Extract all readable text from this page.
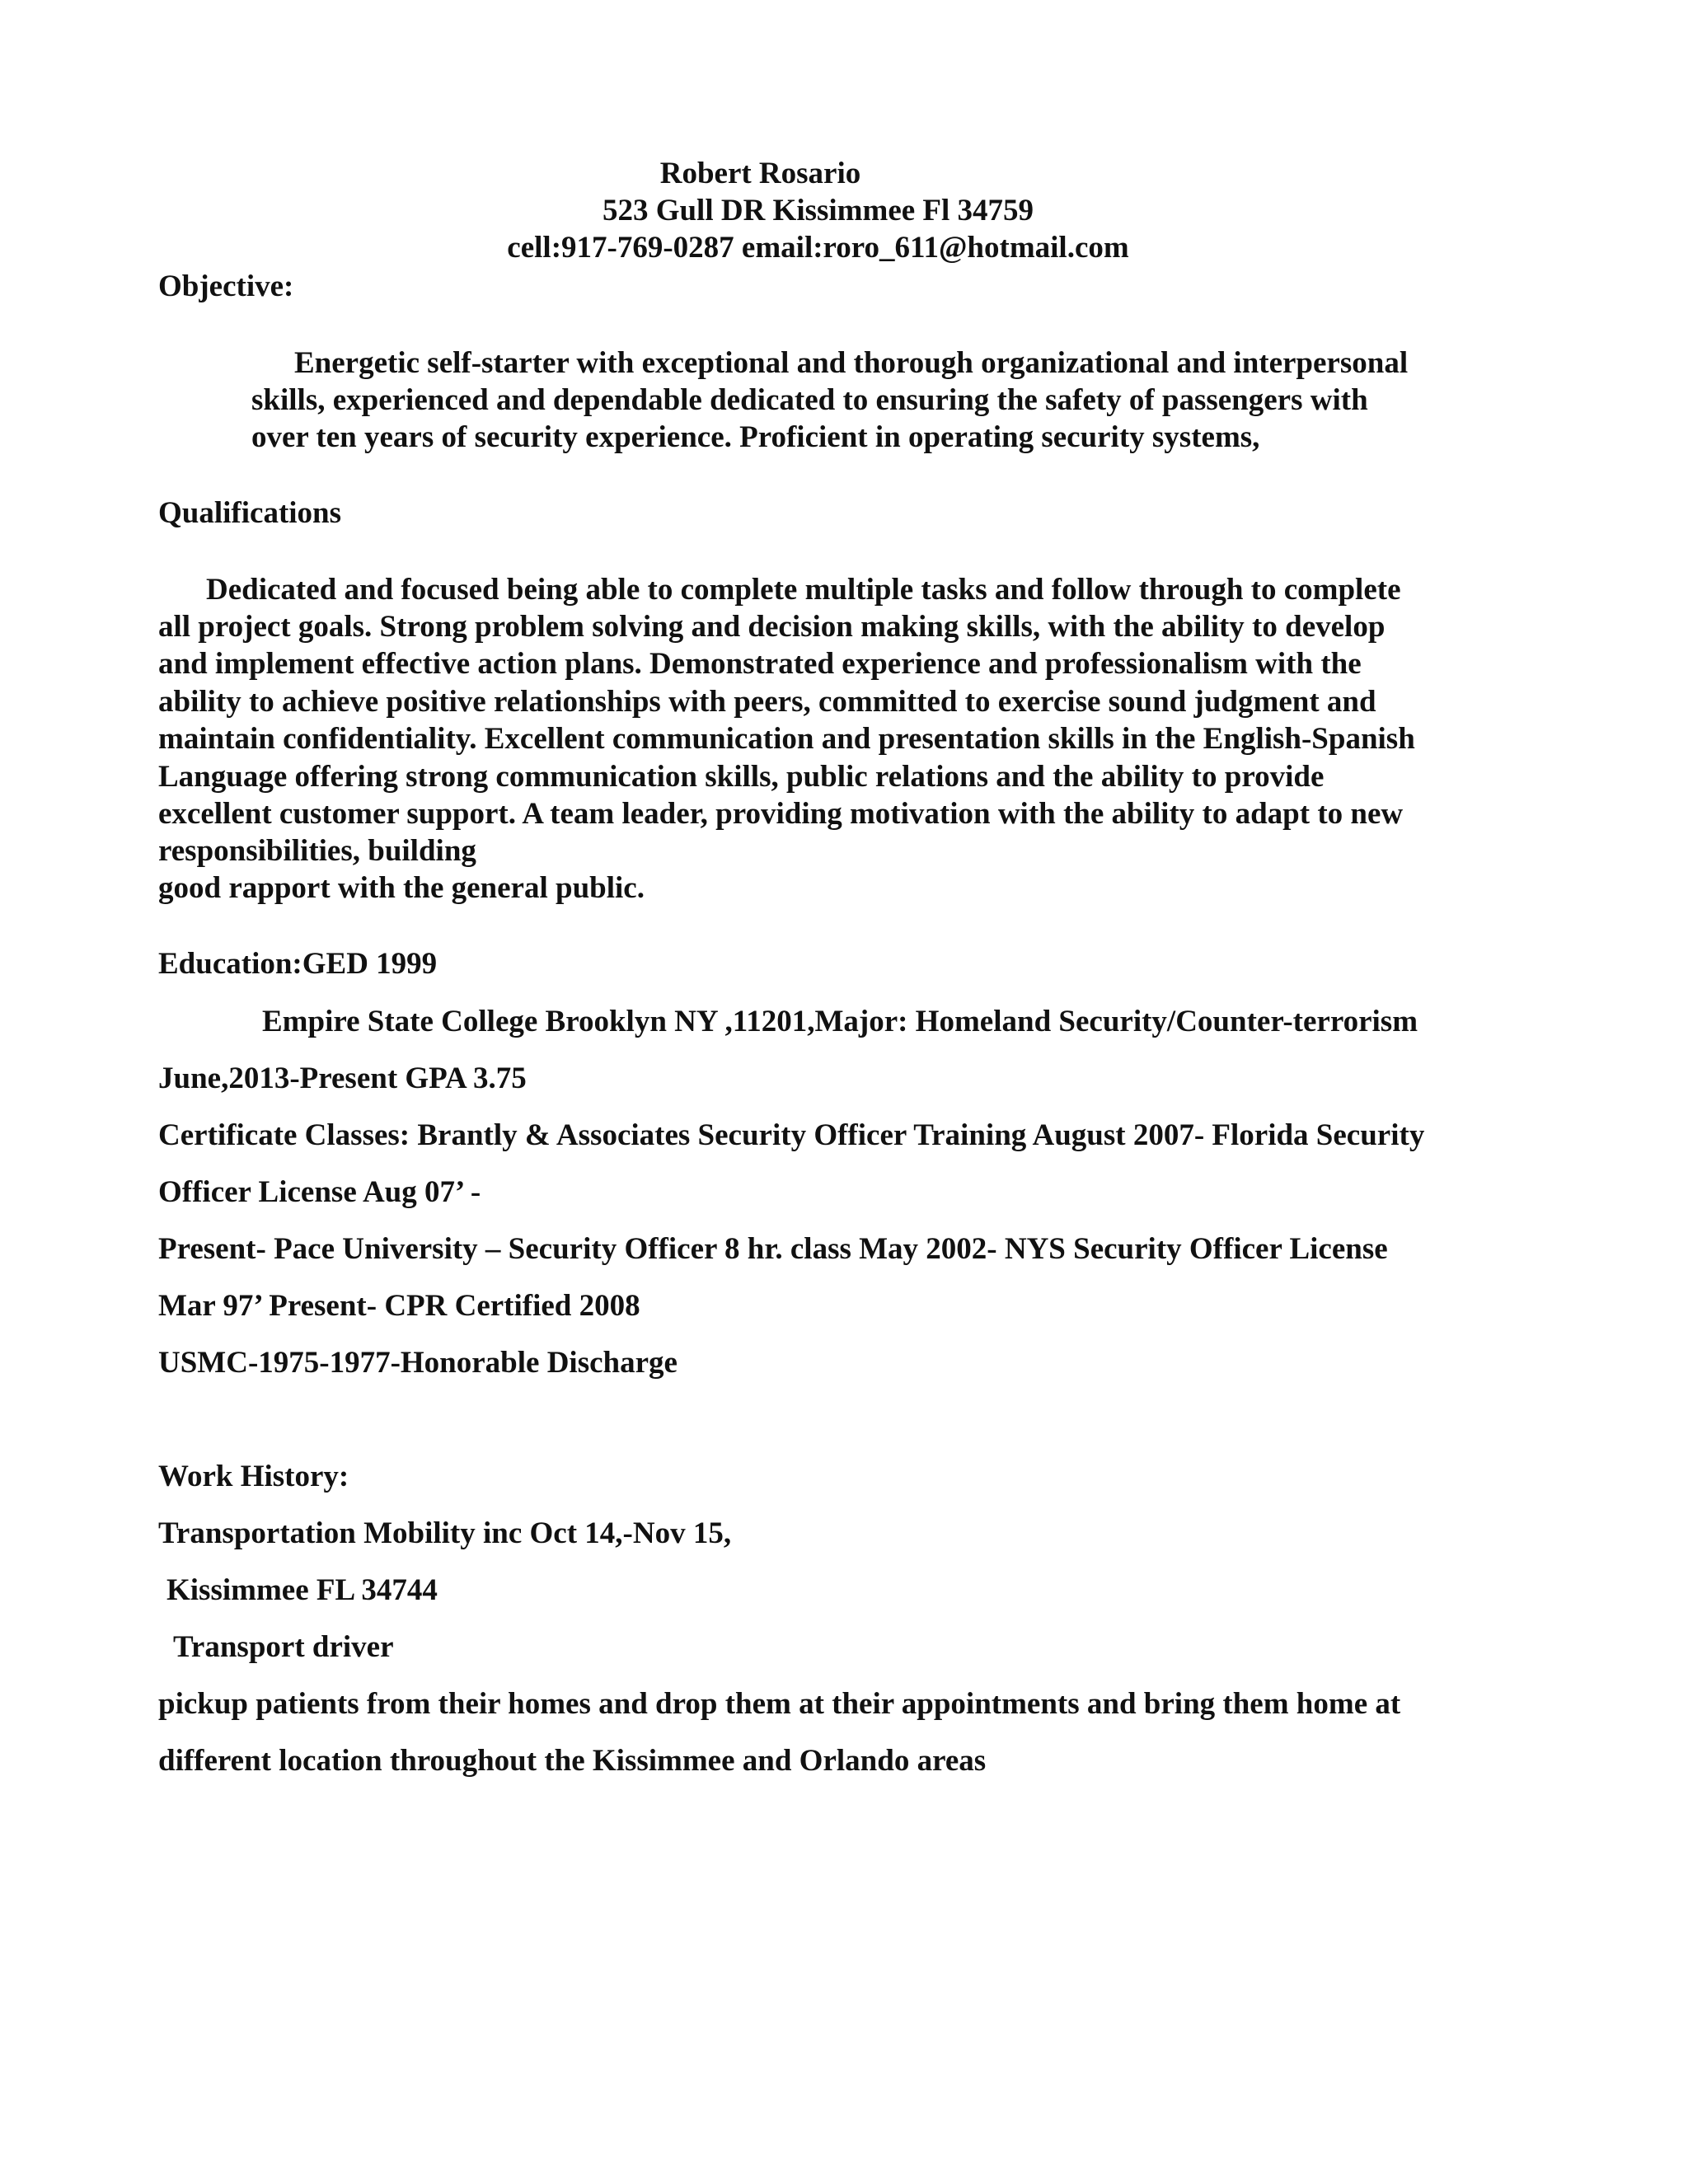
Robert Rosario
523 Gull DR Kissimmee Fl 34759
cell:917-769-0287 email:roro_611@hotmail.com
Objective:
Energetic self-starter with exceptional and thorough organizational and interpersonal
skills, experienced and dependable dedicated to ensuring the safety of passengers with
over ten years of security experience. Proficient in operating security systems,
Qualifications
Dedicated and focused being able to complete multiple tasks and follow through to complete
all project goals. Strong problem solving and decision making skills, with the ability to develop
and implement effective action plans. Demonstrated experience and professionalism with the
ability to achieve positive relationships with peers, committed to exercise sound judgment and
maintain confidentiality. Excellent communication and presentation skills in the English-Spanish
Language offering strong communication skills, public relations and the ability to provide
excellent customer support. A team leader, providing motivation with the ability to adapt to new
responsibilities, building
good rapport with the general public.
Education:GED 1999
Empire State College Brooklyn NY ,11201,Major: Homeland Security/Counter-terrorism
June,2013-Present GPA 3.75
Certificate Classes: Brantly & Associates Security Officer Training August 2007- Florida Security
Officer License Aug 07’ -
Present- Pace University – Security Officer 8 hr. class May 2002- NYS Security Officer License
Mar 97’ Present- CPR Certified 2008
USMC-1975-1977-Honorable Discharge
Work History:
Transportation Mobility inc Oct 14,-Nov 15,
Kissimmee FL 34744
Transport driver
pickup patients from their homes and drop them at their appointments and bring them home at
different location throughout the Kissimmee and Orlando areas
